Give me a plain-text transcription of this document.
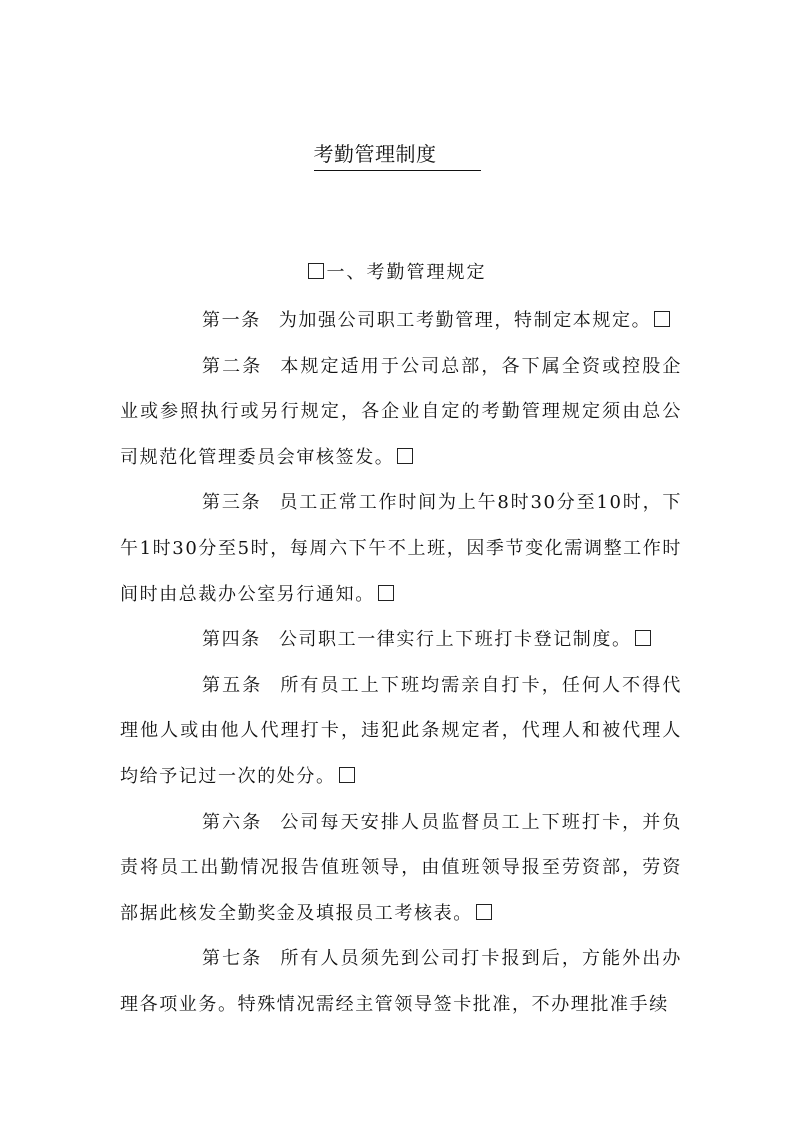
考勤管理制度
一、考勤管理规定

第一条 为加强公司职工考勤管理，特制定本规定。

第二条 本规定适用于公司总部，各下属全资或控股企业或参照执行或另行规定，各企业自定的考勤管理规定须由总公司规范化管理委员会审核签发。

第三条 员工正常工作时间为上午8时30分至10时，下午1时30分至5时，每周六下午不上班，因季节变化需调整工作时间时由总裁办公室另行通知。

第四条 公司职工一律实行上下班打卡登记制度。

第五条 所有员工上下班均需亲自打卡，任何人不得代理他人或由他人代理打卡，违犯此条规定者，代理人和被代理人均给予记过一次的处分。

第六条 公司每天安排人员监督员工上下班打卡，并负责将员工出勤情况报告值班领导，由值班领导报至劳资部，劳资部据此核发全勤奖金及填报员工考核表。

第七条 所有人员须先到公司打卡报到后，方能外出办理各项业务。特殊情况需经主管领导签卡批准，不办理批准手续
